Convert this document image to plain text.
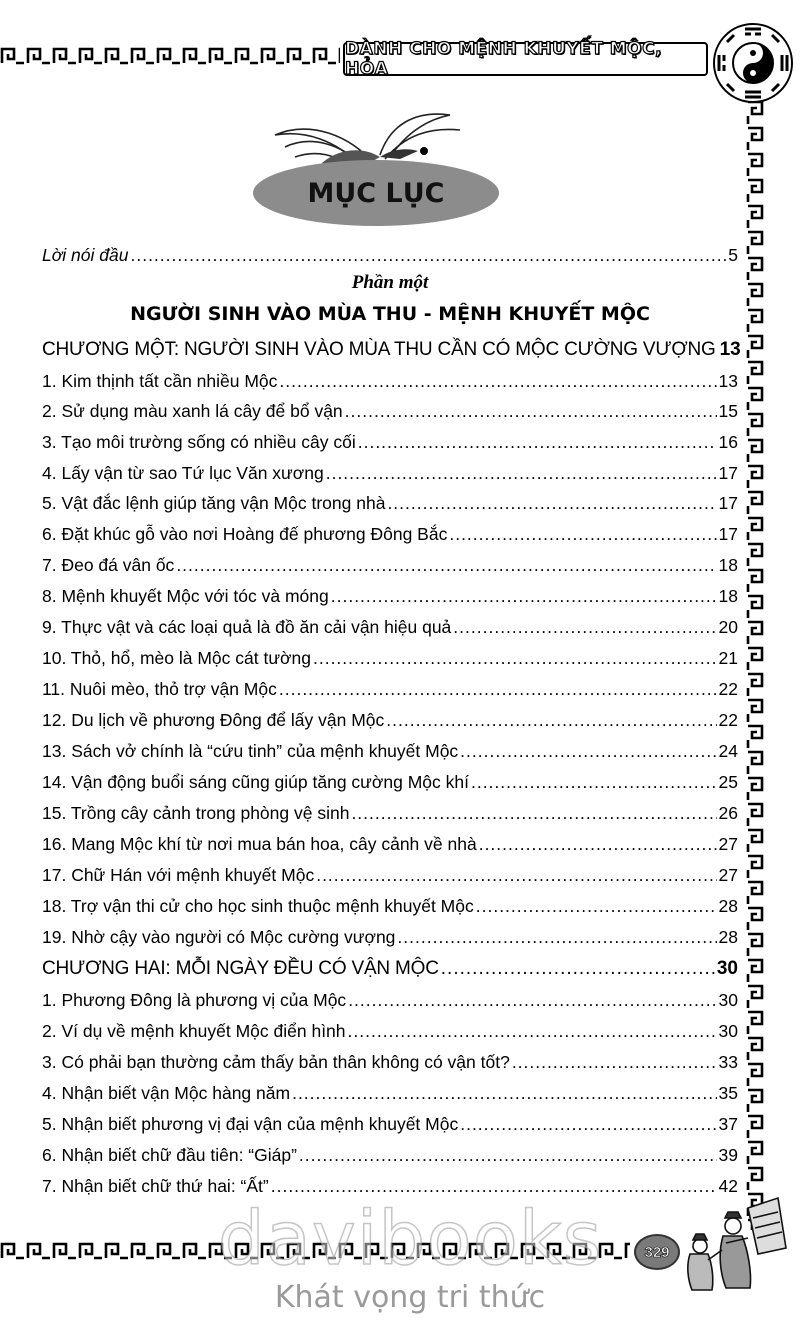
DÀNH CHO MỆNH KHUYẾT MỘC, HỎA
MỤC LỤC
Lời nói đầu .....	5
Phần một
NGƯỜI SINH VÀO MÙA THU - MỆNH KHUYẾT MỘC
CHƯƠNG MỘT: NGƯỜI SINH VÀO MÙA THU CẦN CÓ MỘC CƯỜNG VƯỢNG 13
1. Kim thịnh tất cần nhiều Mộc .....	13
2. Sử dụng màu xanh lá cây để bổ vận .....	15
3. Tạo môi trường sống có nhiều cây cối .....	16
4. Lấy vận từ sao Tứ lục Văn xương .....	17
5. Vật đắc lệnh giúp tăng vận Mộc trong nhà .....	17
6. Đặt khúc gỗ vào nơi Hoàng đế phương Đông Bắc .....	17
7. Đeo đá vân ốc .....	18
8. Mệnh khuyết Mộc với tóc và móng .....	18
9. Thực vật và các loại quả là đồ ăn cải vận hiệu quả .....	20
10. Thỏ, hổ, mèo là Mộc cát tường .....	21
11. Nuôi mèo, thỏ trợ vận Mộc .....	22
12. Du lịch về phương Đông để lấy vận Mộc .....	22
13. Sách vở chính là “cứu tinh” của mệnh khuyết Mộc .....	24
14. Vận động buổi sáng cũng giúp tăng cường Mộc khí .....	25
15. Trồng cây cảnh trong phòng vệ sinh .....	26
16. Mang Mộc khí từ nơi mua bán hoa, cây cảnh về nhà .....	27
17. Chữ Hán với mệnh khuyết Mộc .....	27
18. Trợ vận thi cử cho học sinh thuộc mệnh khuyết Mộc .....	28
19. Nhờ cậy vào người có Mộc cường vượng .....	28
CHƯƠNG HAI: MỖI NGÀY ĐỀU CÓ VẬN MỘC .....	30
1. Phương Đông là phương vị của Mộc .....	30
2. Ví dụ về mệnh khuyết Mộc điển hình .....	30
3. Có phải bạn thường cảm thấy bản thân không có vận tốt? .....	33
4. Nhận biết vận Mộc hàng năm .....	35
5. Nhận biết phương vị đại vận của mệnh khuyết Mộc .....	37
6. Nhận biết chữ đầu tiên: “Giáp” .....	39
7. Nhận biết chữ thứ hai: “Ất” .....	42
davibooks
Khát vọng tri thức
329
